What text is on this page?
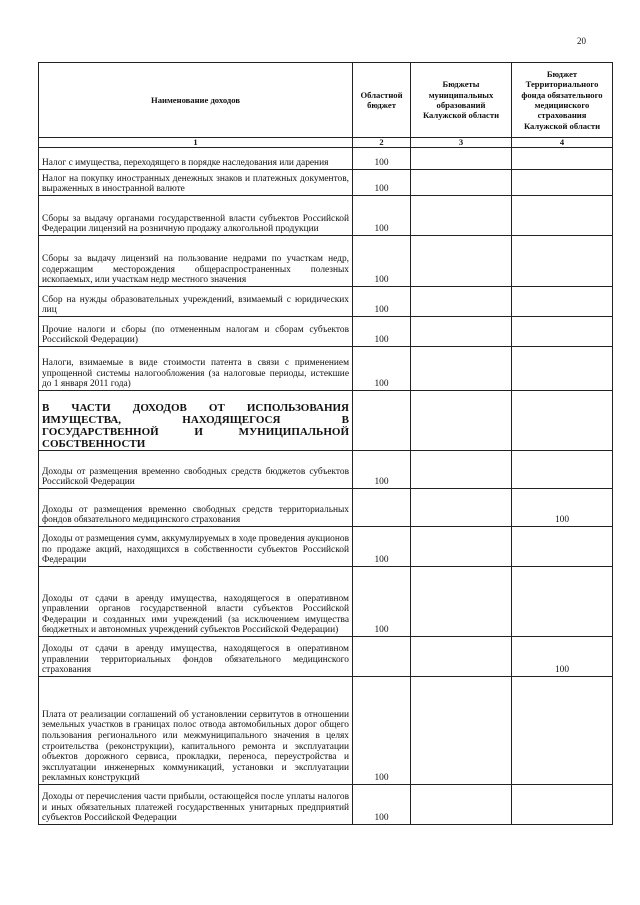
20
Наименование доходов	Областной бюджет	Бюджеты муниципальных образований Калужской области	Бюджет Территориального фонда обязательного медицинского страхования Калужской области
1	2	3	4
Налог с имущества, переходящего в порядке наследования или дарения	100		
Налог на покупку иностранных денежных знаков и платежных документов, выраженных в иностранной валюте	100		
Сборы за выдачу органами государственной власти субъектов Российской Федерации лицензий на розничную продажу алкогольной продукции	100		
Сборы за выдачу лицензий на пользование недрами по участкам недр, содержащим месторождения общераспространенных полезных ископаемых, или участкам недр местного значения	100		
Сбор на нужды образовательных учреждений, взимаемый с юридических лиц	100		
Прочие налоги и сборы (по отмененным налогам и сборам субъектов Российской Федерации)	100		
Налоги, взимаемые в виде стоимости патента в связи с применением упрощенной системы налогообложения (за налоговые периоды, истекшие до 1 января 2011 года)	100		
В ЧАСТИ ДОХОДОВ ОТ ИСПОЛЬЗОВАНИЯ ИМУЩЕСТВА, НАХОДЯЩЕГОСЯ В ГОСУДАРСТВЕННОЙ И МУНИЦИПАЛЬНОЙ СОБСТВЕННОСТИ			
Доходы от размещения временно свободных средств бюджетов субъектов Российской Федерации	100		
Доходы от размещения временно свободных средств территориальных фондов обязательного медицинского страхования			100
Доходы от размещения сумм, аккумулируемых в ходе проведения аукционов по продаже акций, находящихся в собственности субъектов Российской Федерации	100		
Доходы от сдачи в аренду имущества, находящегося в оперативном управлении органов государственной власти субъектов Российской Федерации и созданных ими учреждений (за исключением имущества бюджетных и автономных учреждений субъектов Российской Федерации)	100		
Доходы от сдачи в аренду имущества, находящегося в оперативном управлении территориальных фондов обязательного медицинского страхования			100
Плата от реализации соглашений об установлении сервитутов в отношении земельных участков в границах полос отвода автомобильных дорог общего пользования регионального или межмуниципального значения в целях строительства (реконструкции), капитального ремонта и эксплуатации объектов дорожного сервиса, прокладки, переноса, переустройства и эксплуатации инженерных коммуникаций, установки и эксплуатации рекламных конструкций	100		
Доходы от перечисления части прибыли, остающейся после уплаты налогов и иных обязательных платежей государственных унитарных предприятий субъектов Российской Федерации	100		
